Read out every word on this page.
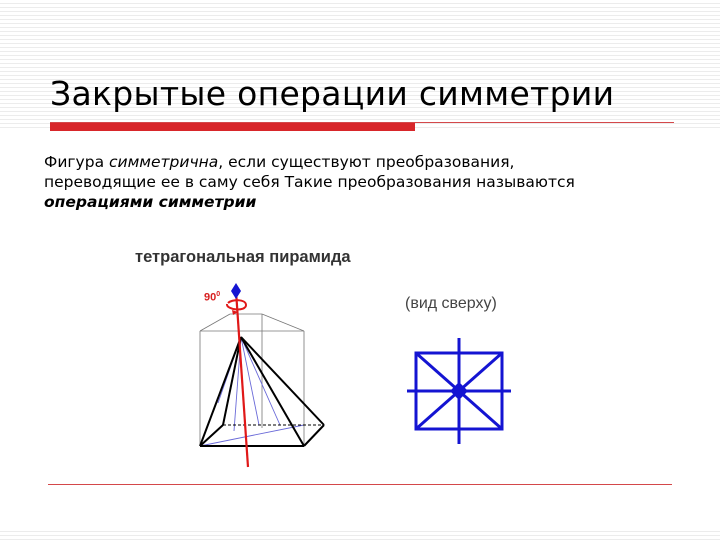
Закрытые операции симметрии
Фигура симметрична, если существуют преобразования,
переводящие ее в саму себя Такие преобразования называются
операциями симметрии
тетрагональная пирамида
$90^0$
(вид сверху)
